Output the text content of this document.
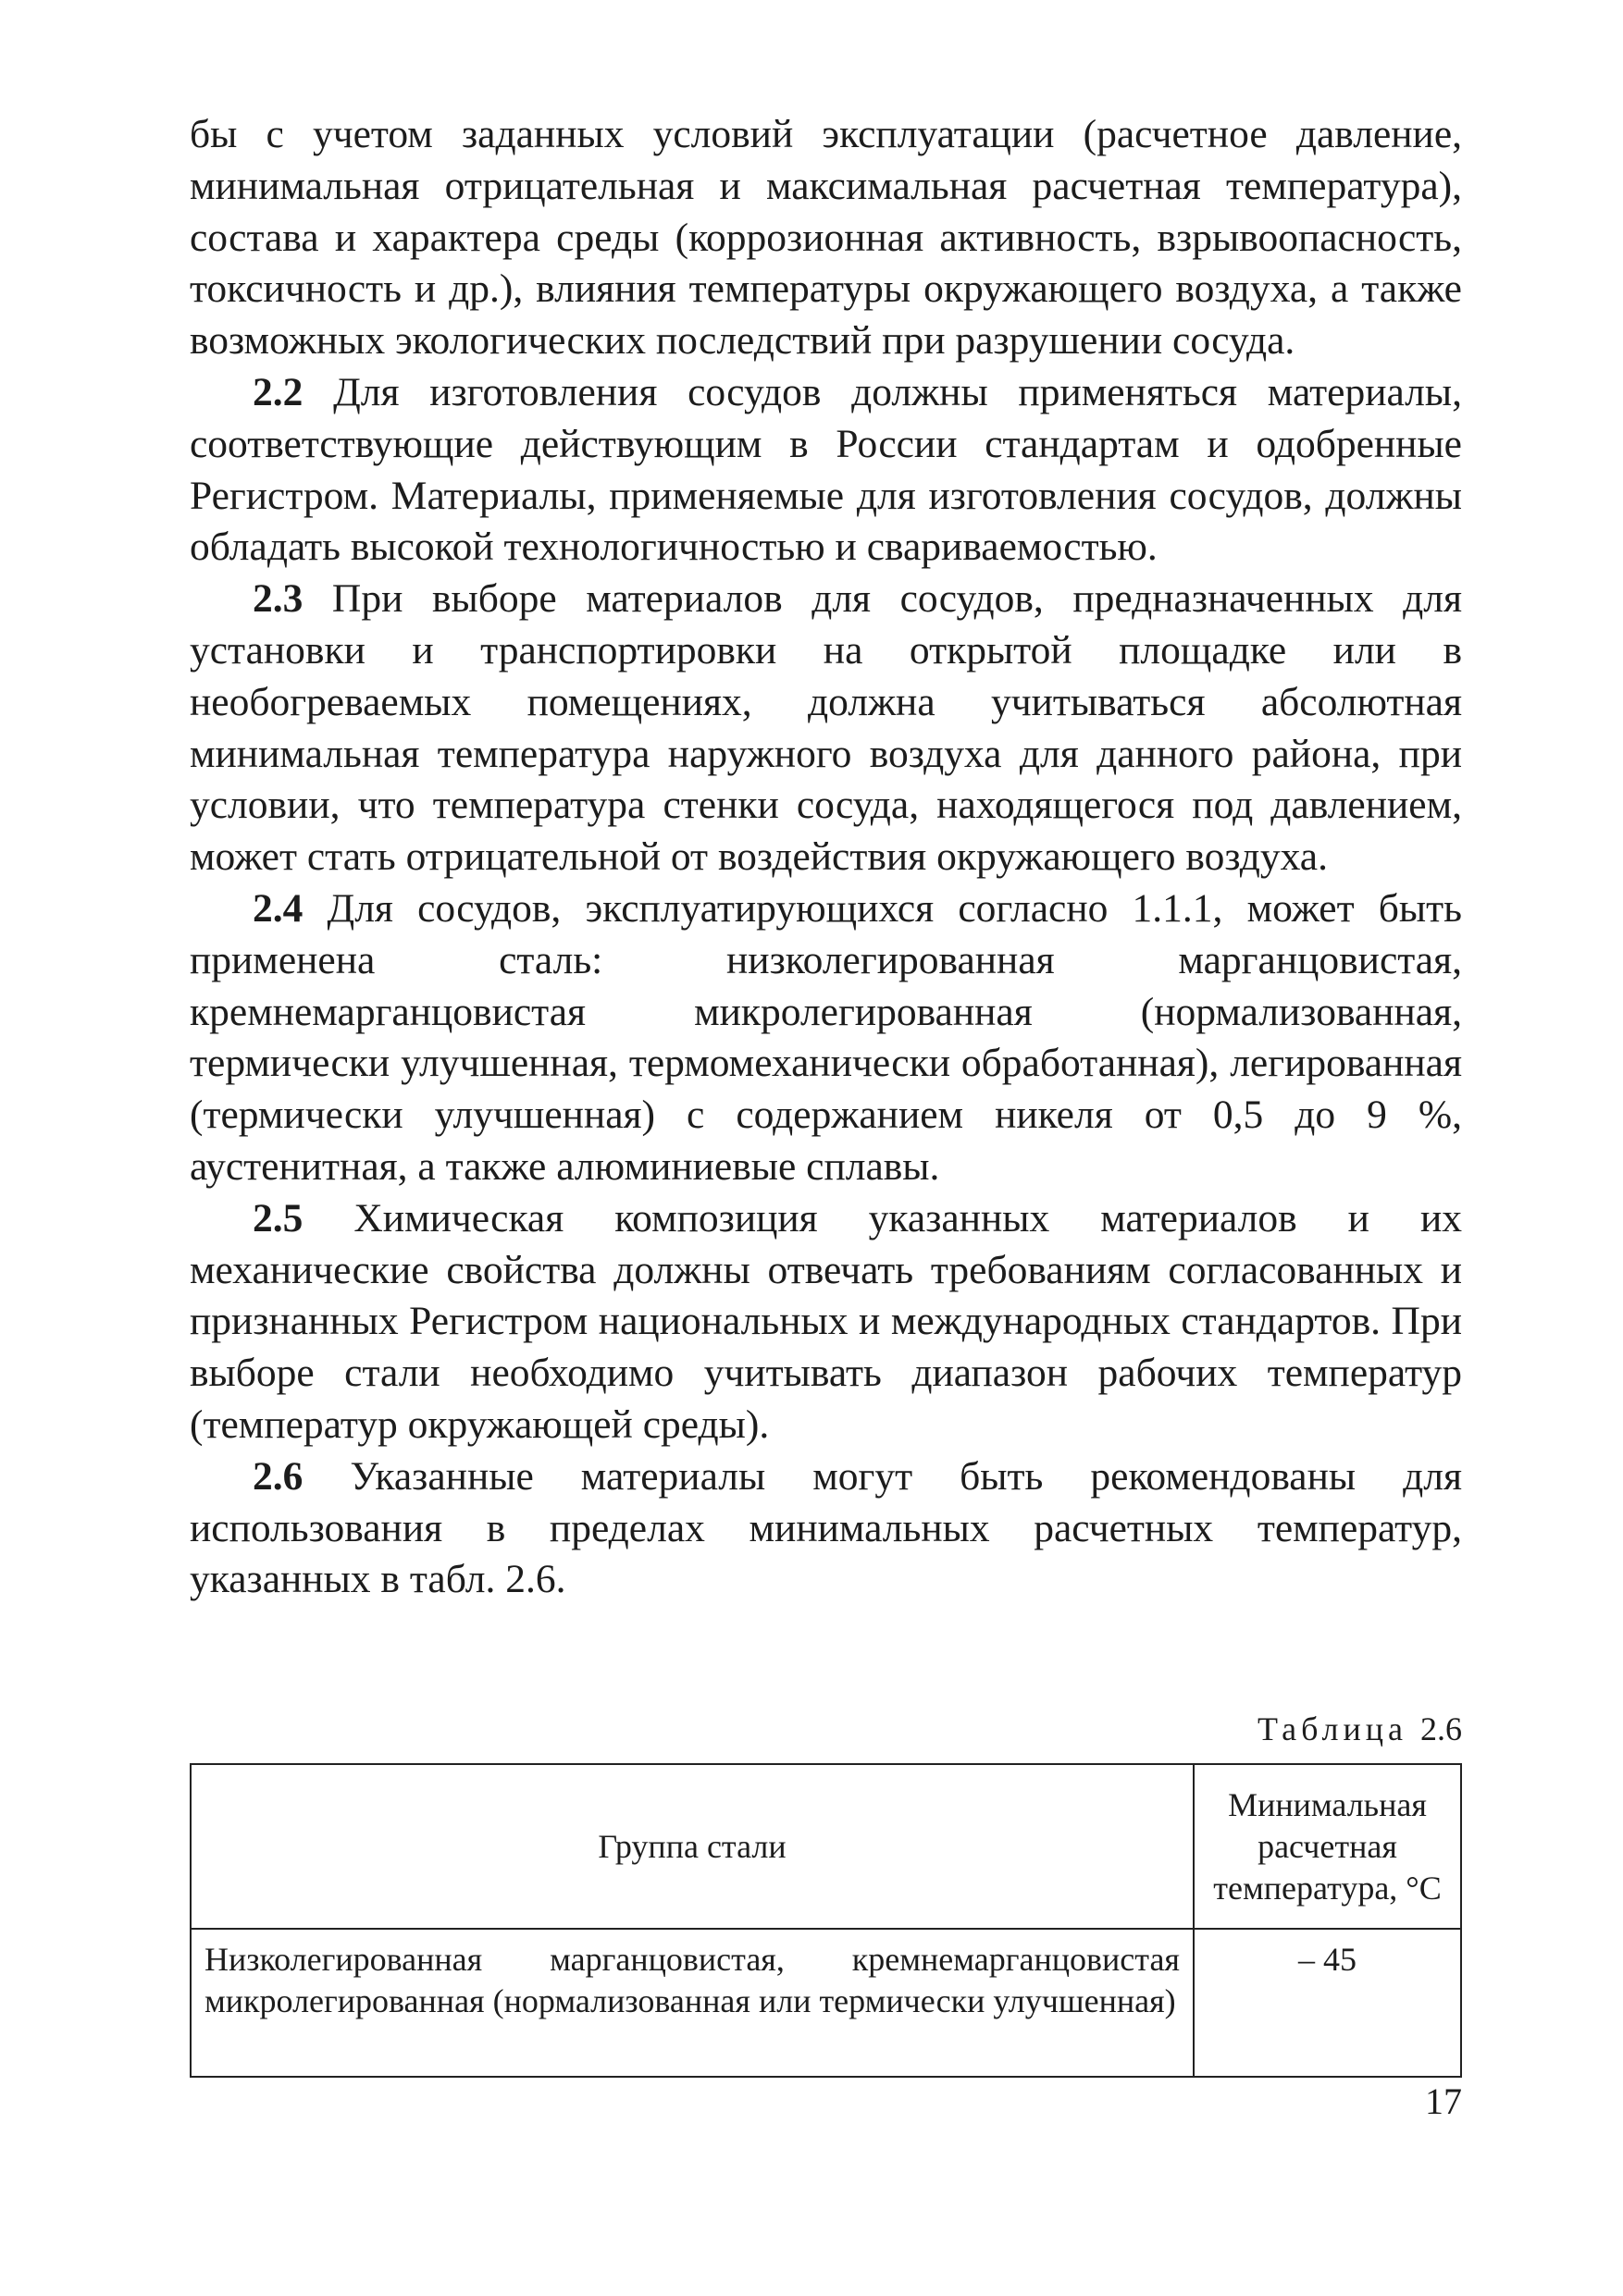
бы с учетом заданных условий эксплуатации (расчетное давление, минимальная отрицательная и максимальная расчетная температура), состава и характера среды (коррозионная активность, взрывоопасность, токсичность и др.), влияния температуры окружающего воздуха, а также возможных экологических последствий при разрушении сосуда.

2.2 Для изготовления сосудов должны применяться материалы, соответствующие действующим в России стандартам и одобренные Регистром. Материалы, применяемые для изготовления сосудов, должны обладать высокой технологичностью и свариваемостью.

2.3 При выборе материалов для сосудов, предназначенных для установки и транспортировки на открытой площадке или в необогреваемых помещениях, должна учитываться абсолютная минимальная температура наружного воздуха для данного района, при условии, что температура стенки сосуда, находящегося под давлением, может стать отрицательной от воздействия окружающего воздуха.

2.4 Для сосудов, эксплуатирующихся согласно 1.1.1, может быть применена сталь: низколегированная марганцовистая, кремнемарганцовистая микролегированная (нормализованная, термически улучшенная, термомеханически обработанная), легированная (термически улучшенная) с содержанием никеля от 0,5 до 9 %, аустенитная, а также алюминиевые сплавы.

2.5 Химическая композиция указанных материалов и их механические свойства должны отвечать требованиям согласованных и признанных Регистром национальных и международных стандартов. При выборе стали необходимо учитывать диапазон рабочих температур (температур окружающей среды).

2.6 Указанные материалы могут быть рекомендованы для использования в пределах минимальных расчетных температур, указанных в табл. 2.6.

Таблица 2.6

Группа стали	Минимальная расчетная температура, °С
Низколегированная марганцовистая, кремнемарганцовистая микролегированная (нормализованная или термически улучшенная)	– 45

17
